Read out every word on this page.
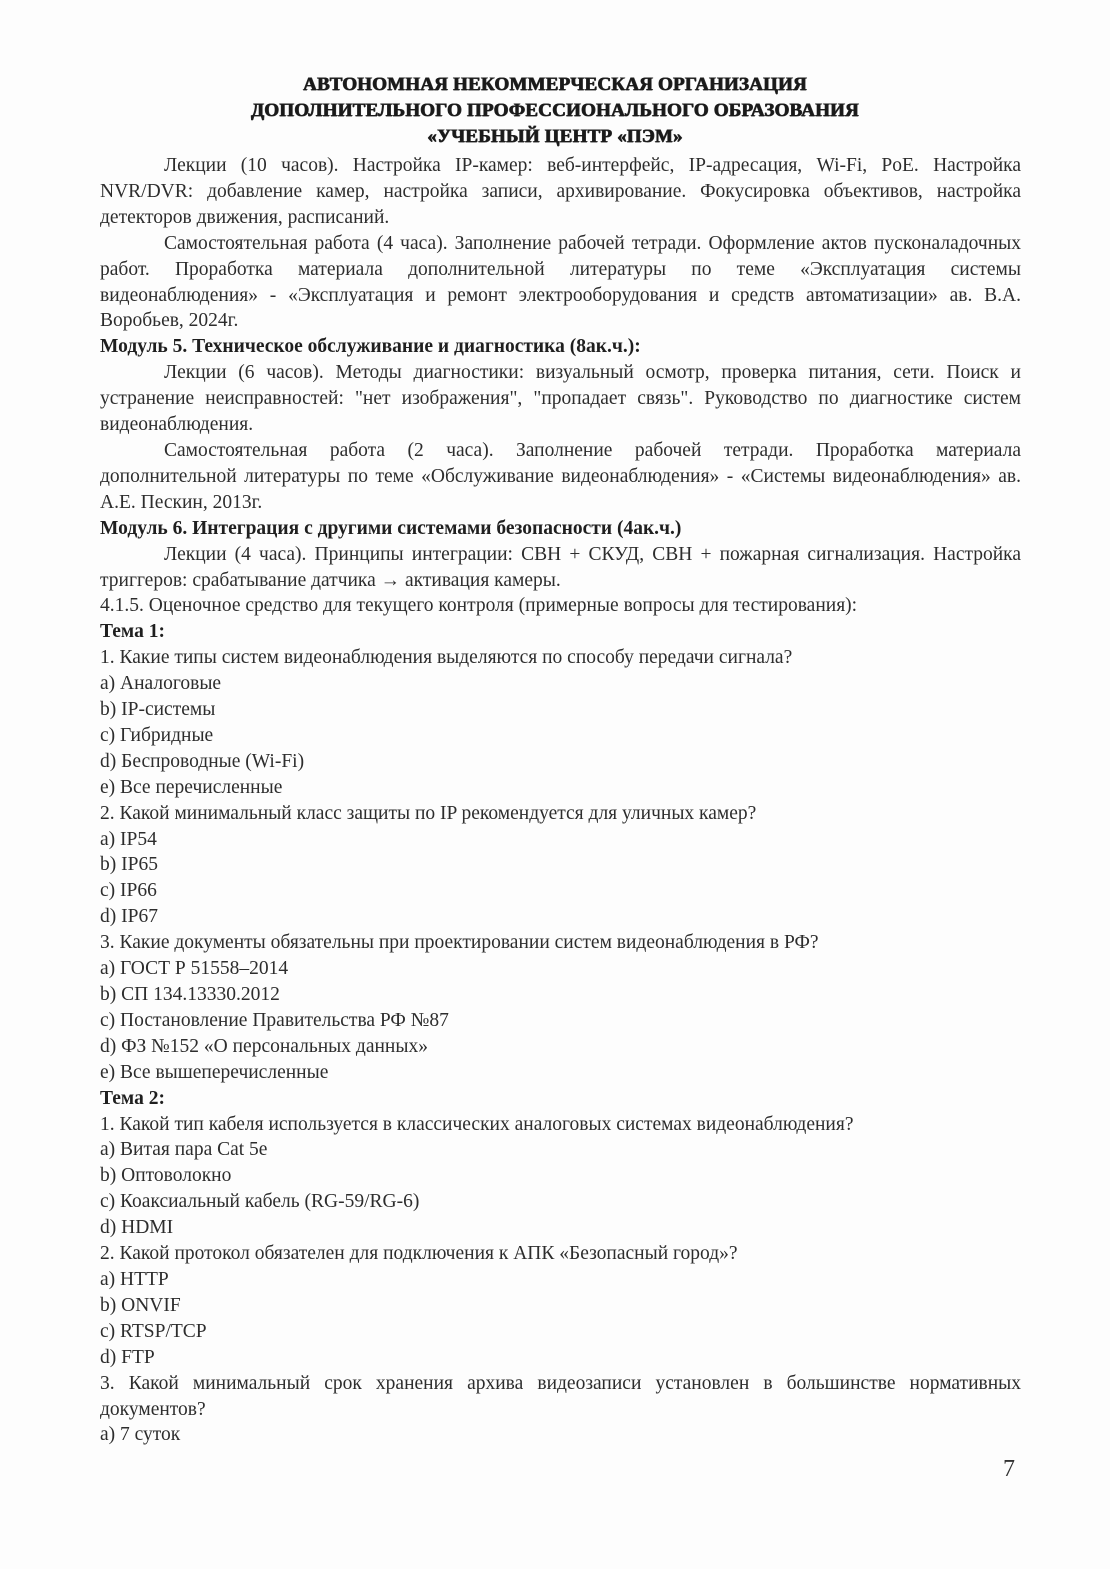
АВТОНОМНАЯ НЕКОММЕРЧЕСКАЯ ОРГАНИЗАЦИЯ
ДОПОЛНИТЕЛЬНОГО ПРОФЕССИОНАЛЬНОГО ОБРАЗОВАНИЯ
«УЧЕБНЫЙ ЦЕНТР «ПЭМ»

Лекции (10 часов). Настройка IP-камер: веб-интерфейс, IP-адресация, Wi-Fi, PoE. Настройка NVR/DVR: добавление камер, настройка записи, архивирование. Фокусировка объективов, настройка детекторов движения, расписаний.

Самостоятельная работа (4 часа). Заполнение рабочей тетради. Оформление актов пусконаладочных работ. Проработка материала дополнительной литературы по теме «Эксплуатация системы видеонаблюдения» - «Эксплуатация и ремонт электрооборудования и средств автоматизации» ав. В.А. Воробьев, 2024г.

Модуль 5. Техническое обслуживание и диагностика (8ак.ч.):

Лекции (6 часов). Методы диагностики: визуальный осмотр, проверка питания, сети. Поиск и устранение неисправностей: "нет изображения", "пропадает связь". Руководство по диагностике систем видеонаблюдения.

Самостоятельная работа (2 часа). Заполнение рабочей тетради. Проработка материала дополнительной литературы по теме «Обслуживание видеонаблюдения» - «Системы видеонаблюдения» ав. А.Е. Пескин, 2013г.

Модуль 6. Интеграция с другими системами безопасности (4ак.ч.)

Лекции (4 часа). Принципы интеграции: СВН + СКУД, СВН + пожарная сигнализация. Настройка триггеров: срабатывание датчика → активация камеры.

4.1.5. Оценочное средство для текущего контроля (примерные вопросы для тестирования):

Тема 1:

1. Какие типы систем видеонаблюдения выделяются по способу передачи сигнала?

a) Аналоговые

b) IP-системы

c) Гибридные

d) Беспроводные (Wi-Fi)

e) Все перечисленные

2. Какой минимальный класс защиты по IP рекомендуется для уличных камер?

a) IP54

b) IP65

c) IP66

d) IP67

3. Какие документы обязательны при проектировании систем видеонаблюдения в РФ?

a) ГОСТ Р 51558–2014

b) СП 134.13330.2012

c) Постановление Правительства РФ №87

d) ФЗ №152 «О персональных данных»

e) Все вышеперечисленные

Тема 2:

1. Какой тип кабеля используется в классических аналоговых системах видеонаблюдения?

a) Витая пара Cat 5e

b) Оптоволокно

c) Коаксиальный кабель (RG-59/RG-6)

d) HDMI

2. Какой протокол обязателен для подключения к АПК «Безопасный город»?

a) HTTP

b) ONVIF

c) RTSP/TCP

d) FTP

3. Какой минимальный срок хранения архива видеозаписи установлен в большинстве нормативных документов?

a) 7 суток

7
